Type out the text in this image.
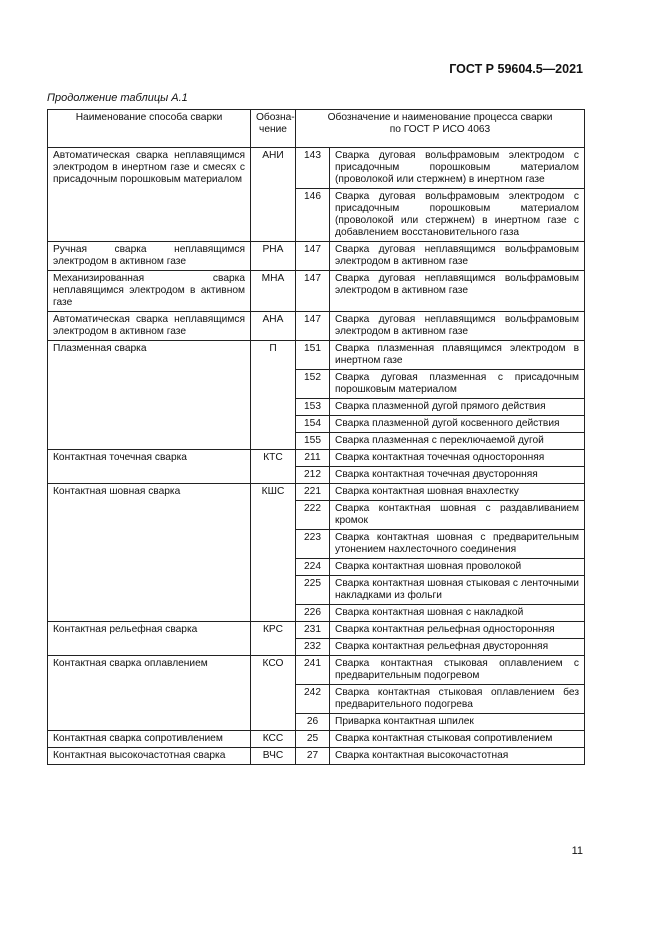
ГОСТ Р 59604.5—2021
Продолжение таблицы А.1
Наименование способа сварки	Обозна-
чение	Обозначение и наименование процесса сварки
по ГОСТ Р ИСО 4063	
Автоматическая сварка неплавящимся электродом в инертном газе и смесях с присадочным порошковым материалом	АНИ	143	Сварка дуговая вольфрамовым электродом с присадочным порошковым материалом (проволокой или стержнем) в инертном газе
		146	Сварка дуговая вольфрамовым электродом с присадочным порошковым материалом (проволокой или стержнем) в инертном газе с добавлением восстановительного газа
Ручная сварка неплавящимся электродом в активном газе	РНА	147	Сварка дуговая неплавящимся вольфрамовым электродом в активном газе
Механизированная сварка неплавящимся электродом в активном газе	МНА	147	Сварка дуговая неплавящимся вольфрамовым электродом в активном газе
Автоматическая сварка неплавящимся электродом в активном газе	АНА	147	Сварка дуговая неплавящимся вольфрамовым электродом в активном газе
Плазменная сварка	П	151	Сварка плазменная плавящимся электродом в инертном газе
		152	Сварка дуговая плазменная с присадочным порошковым материалом
		153	Сварка плазменной дугой прямого действия
		154	Сварка плазменной дугой косвенного действия
		155	Сварка плазменная с переключаемой дугой
Контактная точечная сварка	КТС	211	Сварка контактная точечная односторонняя
		212	Сварка контактная точечная двусторонняя
Контактная шовная сварка	КШС	221	Сварка контактная шовная внахлестку
		222	Сварка контактная шовная с раздавливанием кромок
		223	Сварка контактная шовная с предварительным утонением нахлесточного соединения
		224	Сварка контактная шовная проволокой
		225	Сварка контактная шовная стыковая с ленточными накладками из фольги
		226	Сварка контактная шовная с накладкой
Контактная рельефная сварка	КРС	231	Сварка контактная рельефная односторонняя
		232	Сварка контактная рельефная двусторонняя
Контактная сварка оплавлением	КСО	241	Сварка контактная стыковая оплавлением с предварительным подогревом
		242	Сварка контактная стыковая оплавлением без предварительного подогрева
		26	Приварка контактная шпилек
Контактная сварка сопротивлением	КСС	25	Сварка контактная стыковая сопротивлением
Контактная высокочастотная сварка	ВЧС	27	Сварка контактная высокочастотная
11
